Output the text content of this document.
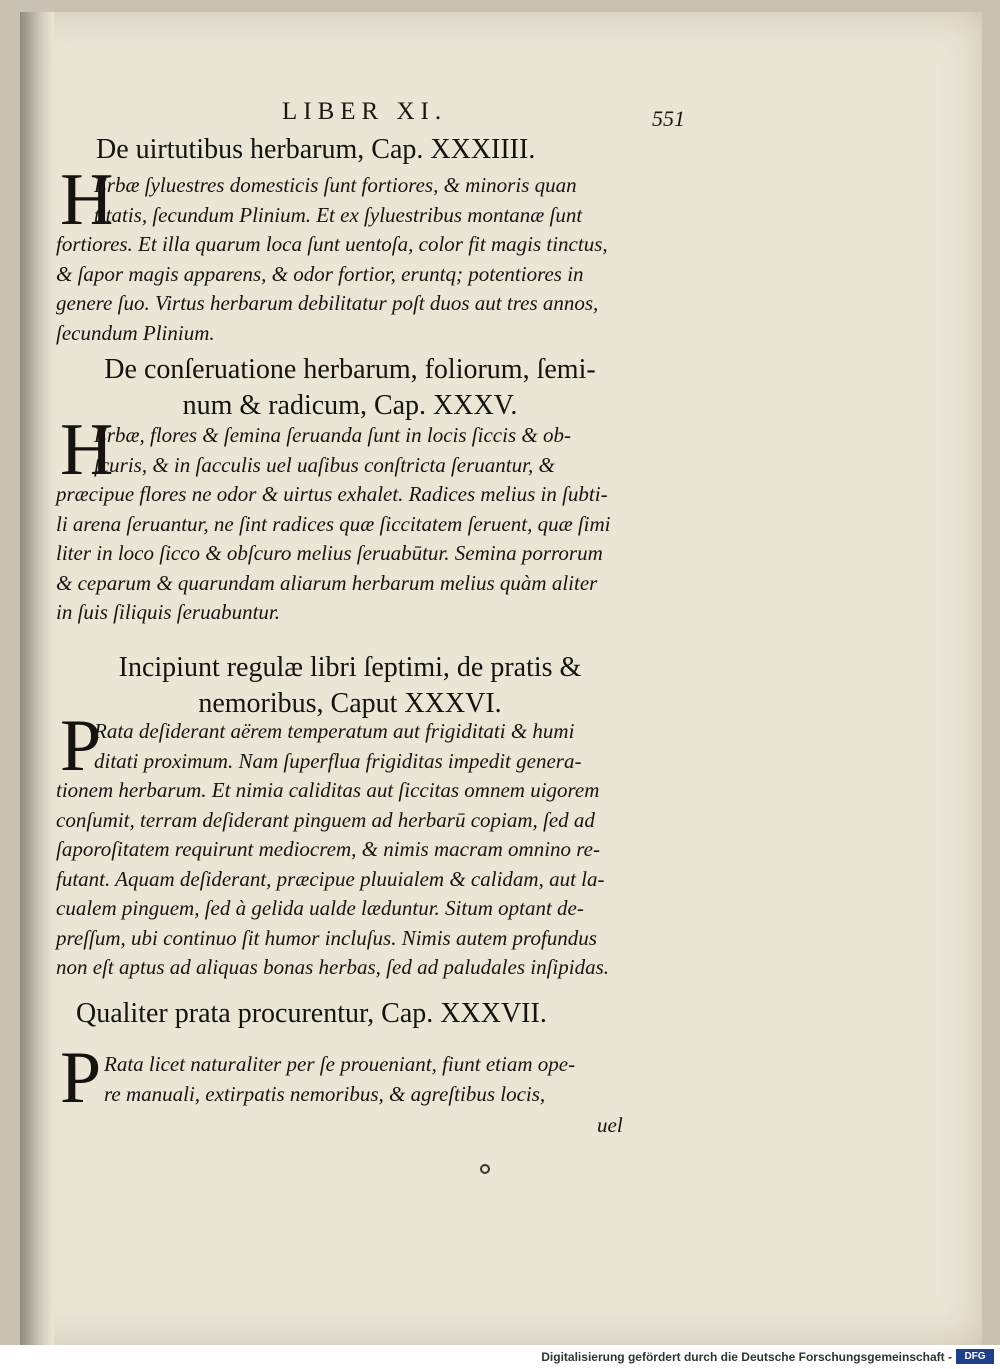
LIBER XI.	551
De uirtutibus herbarum, Cap. XXXIIII.
H
Erbæ ſyluestres domesticis ſunt fortiores, & minoris quan
titatis, ſecundum Plinium. Et ex ſyluestribus montanæ ſunt
fortiores. Et illa quarum loca ſunt uentoſa, color fit magis tinctus,
& ſapor magis apparens, & odor fortior, eruntq; potentiores in
genere ſuo. Virtus herbarum debilitatur poſt duos aut tres annos,
ſecundum Plinium.
De conſeruatione herbarum, foliorum, ſemi-
num & radicum, Cap. XXXV.
H
Erbæ, flores & ſemina ſeruanda ſunt in locis ſiccis & ob-
ſcuris, & in ſacculis uel uaſibus conſtricta ſeruantur, &
præcipue flores ne odor & uirtus exhalet. Radices melius in ſubti-
li arena ſeruantur, ne ſint radices quæ ſiccitatem ſeruent, quæ ſimi
liter in loco ſicco & obſcuro melius ſeruabūtur. Semina porrorum
& ceparum & quarundam aliarum herbarum melius quàm aliter
in ſuis ſiliquis ſeruabuntur.
Incipiunt regulæ libri ſeptimi, de pratis &
nemoribus, Caput XXXVI.
P
Rata deſiderant aërem temperatum aut frigiditati & humi
ditati proximum. Nam ſuperflua frigiditas impedit genera-
tionem herbarum. Et nimia caliditas aut ſiccitas omnem uigorem
conſumit, terram deſiderant pinguem ad herbarū copiam, ſed ad
ſaporoſitatem requirunt mediocrem, & nimis macram omnino re-
futant. Aquam deſiderant, præcipue pluuialem & calidam, aut la-
cualem pinguem, ſed à gelida ualde læduntur. Situm optant de-
preſſum, ubi continuo ſit humor incluſus. Nimis autem profundus
non eſt aptus ad aliquas bonas herbas, ſed ad paludales inſipidas.
Qualiter prata procurentur, Cap. XXXVII.
P Rata licet naturaliter per ſe proueniant, fiunt etiam ope-
re manuali, extirpatis nemoribus, & agreſtibus locis,
uel
Digitalisierung gefördert durch die Deutsche Forschungsgemeinschaft -	DFG
